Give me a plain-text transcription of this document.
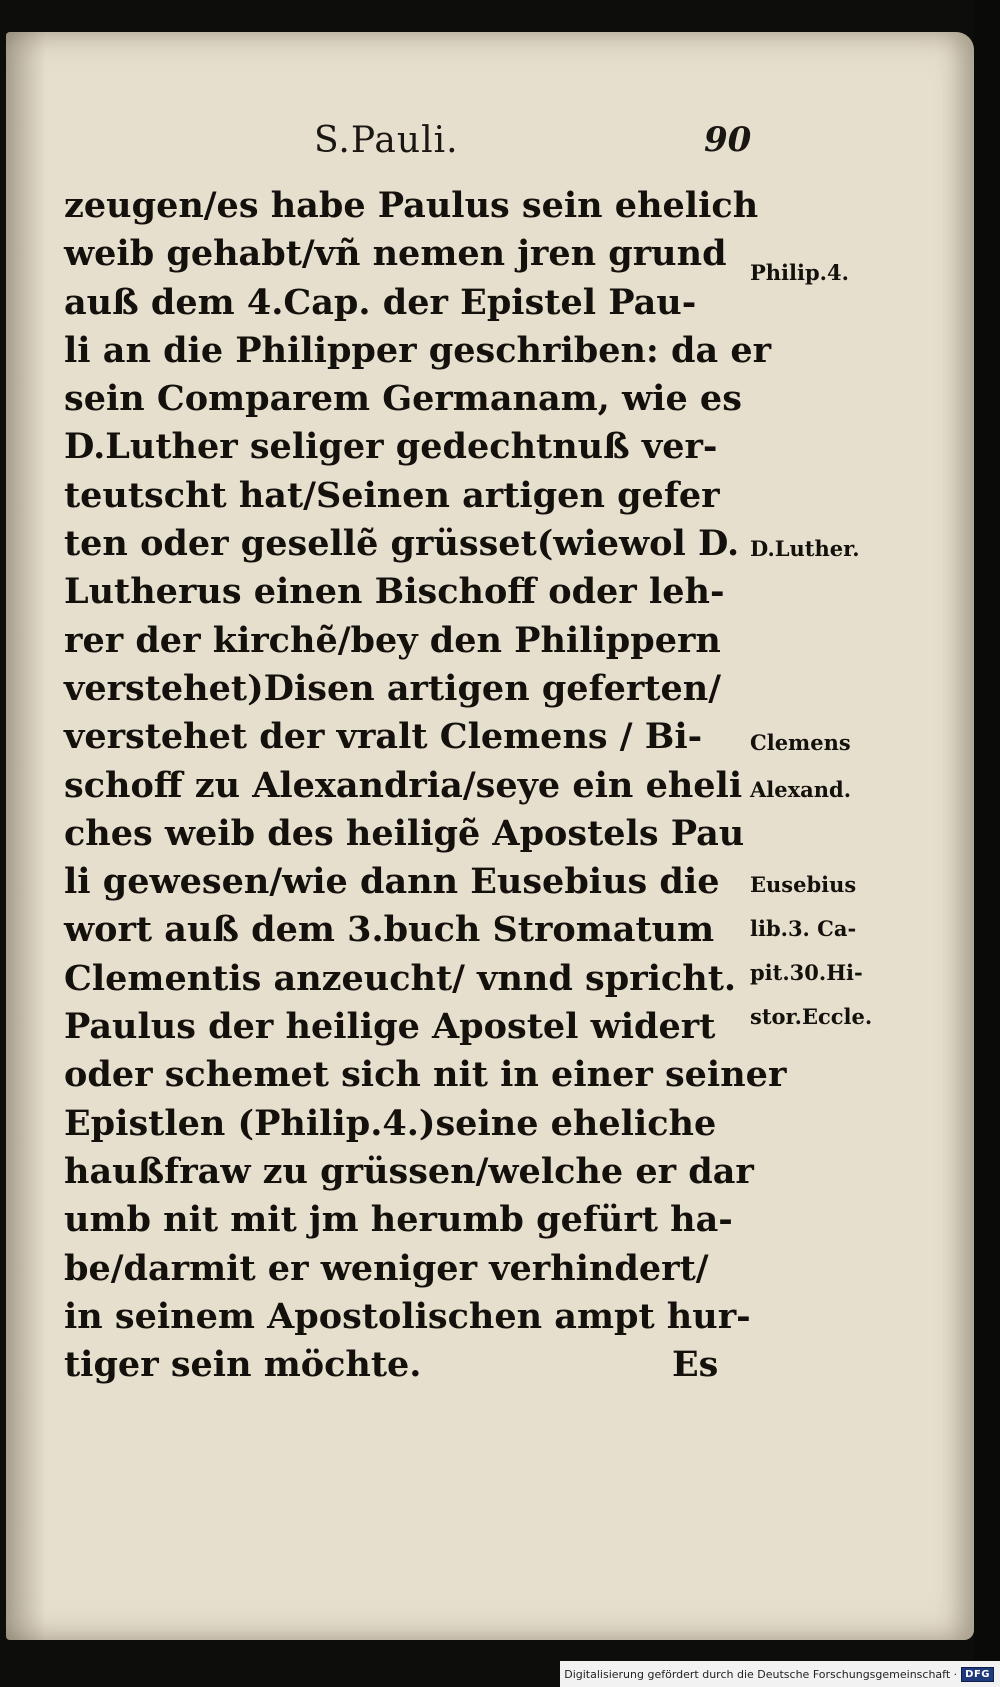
S.Pauli.	90
zeugen/es habe Paulus sein ehelich
weib gehabt/vñ nemen jren grund
auß dem 4.Cap. der Epistel Pau-
li an die Philipper geschriben: da er
sein Comparem Germanam, wie es
D.Luther seliger gedechtnuß ver-
teutscht hat/Seinen artigen gefer
ten oder gesellẽ grüsset(wiewol D.
Lutherus einen Bischoff oder leh-
rer der kirchẽ/bey den Philippern
verstehet)Disen artigen geferten/
verstehet der vralt Clemens / Bi-
schoff zu Alexandria/seye ein eheli
ches weib des heiligẽ Apostels Pau
li gewesen/wie dann Eusebius die
wort auß dem 3.buch Stromatum
Clementis anzeucht/ vnnd spricht.
Paulus der heilige Apostel widert
oder schemet sich nit in einer seiner
Epistlen (Philip.4.)seine eheliche
haußfraw zu grüssen/welche er dar
umb nit mit jm herumb gefürt ha-
be/darmit er weniger verhindert/
in seinem Apostolischen ampt hur-
tiger sein möchte.	Es
Philip.4.
D.Luther.
Clemens
Alexand.
Eusebius
lib.3. Ca-
pit.30.Hi-
stor.Eccle.
Digitalisierung gefördert durch die Deutsche Forschungsgemeinschaft · DFG
